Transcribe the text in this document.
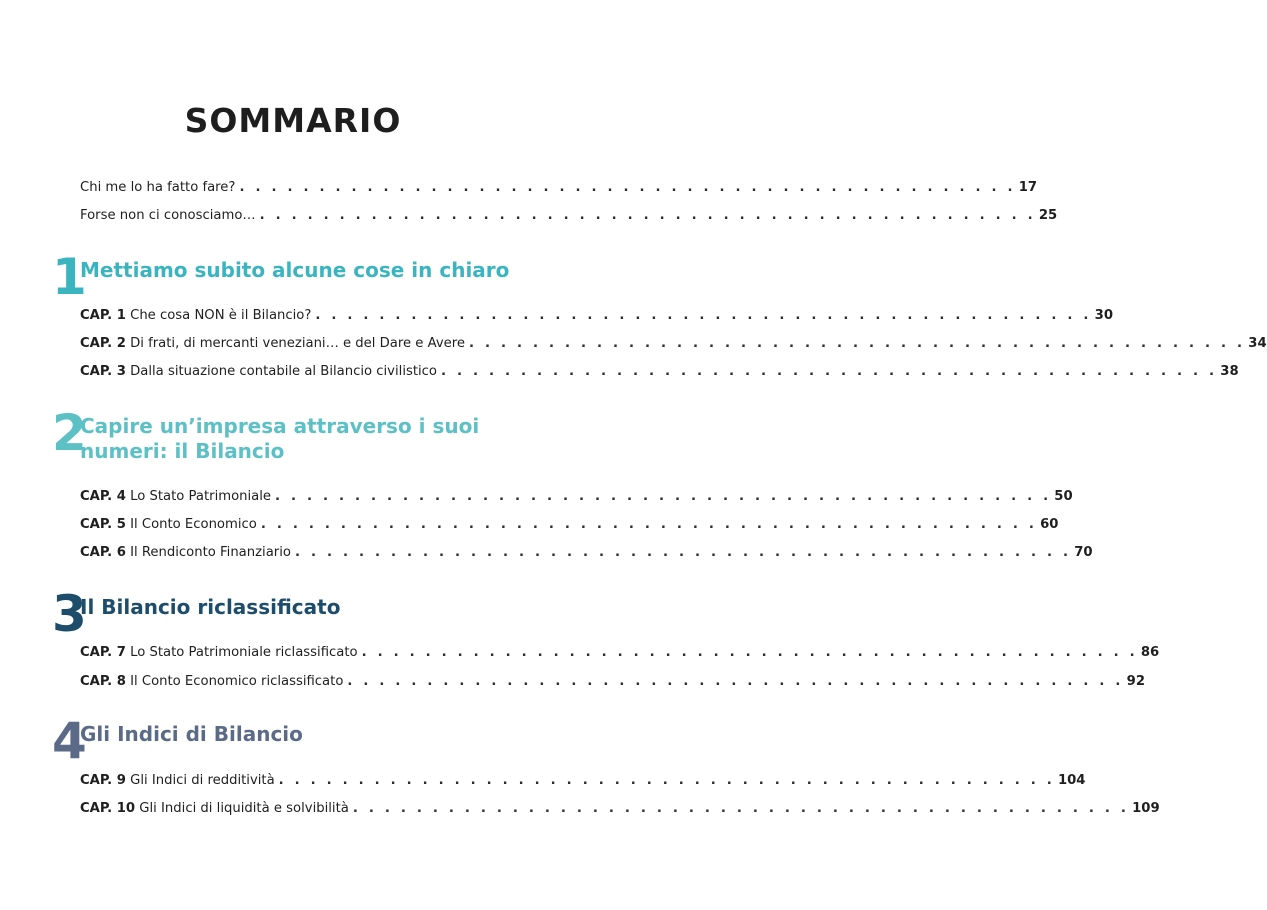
SOMMARIO
Chi me lo ha fatto fare? . . . . . . . . . . . . . . . . . . . . . . . . . . . . . . . . . . . . . . . . . . . . . . . . . 17
Forse non ci conosciamo… . . . . . . . . . . . . . . . . . . . . . . . . . . . . . . . . . . . . . . . . . . . . . . . . . 25
1
Mettiamo subito alcune cose in chiaro
CAP. 1
Che cosa NON è il Bilancio? . . . . . . . . . . . . . . . . . . . . . . . . . . . . . . . . . . . . . . . . . . . . . . . . . 30
CAP. 2
Di frati, di mercanti veneziani… e del Dare e Avere . . . . . . . . . . . . . . . . . . . . . . . . . . . . . . . . . . . . . . . . . . . . . . . . . 34
CAP. 3
Dalla situazione contabile al Bilancio civilistico . . . . . . . . . . . . . . . . . . . . . . . . . . . . . . . . . . . . . . . . . . . . . . . . . 38
2
Capire un’impresa attraverso i suoi numeri: il Bilancio
CAP. 4
Lo Stato Patrimoniale . . . . . . . . . . . . . . . . . . . . . . . . . . . . . . . . . . . . . . . . . . . . . . . . . 50
CAP. 5
Il Conto Economico . . . . . . . . . . . . . . . . . . . . . . . . . . . . . . . . . . . . . . . . . . . . . . . . . 60
CAP. 6
Il Rendiconto Finanziario . . . . . . . . . . . . . . . . . . . . . . . . . . . . . . . . . . . . . . . . . . . . . . . . . 70
3
Il Bilancio riclassificato
CAP. 7
Lo Stato Patrimoniale riclassificato . . . . . . . . . . . . . . . . . . . . . . . . . . . . . . . . . . . . . . . . . . . . . . . . . 86
CAP. 8
Il Conto Economico riclassificato . . . . . . . . . . . . . . . . . . . . . . . . . . . . . . . . . . . . . . . . . . . . . . . . . 92
4
Gli Indici di Bilancio
CAP. 9
Gli Indici di redditività . . . . . . . . . . . . . . . . . . . . . . . . . . . . . . . . . . . . . . . . . . . . . . . . . 104
CAP. 10
Gli Indici di liquidità e solvibilità . . . . . . . . . . . . . . . . . . . . . . . . . . . . . . . . . . . . . . . . . . . . . . . . . 109
